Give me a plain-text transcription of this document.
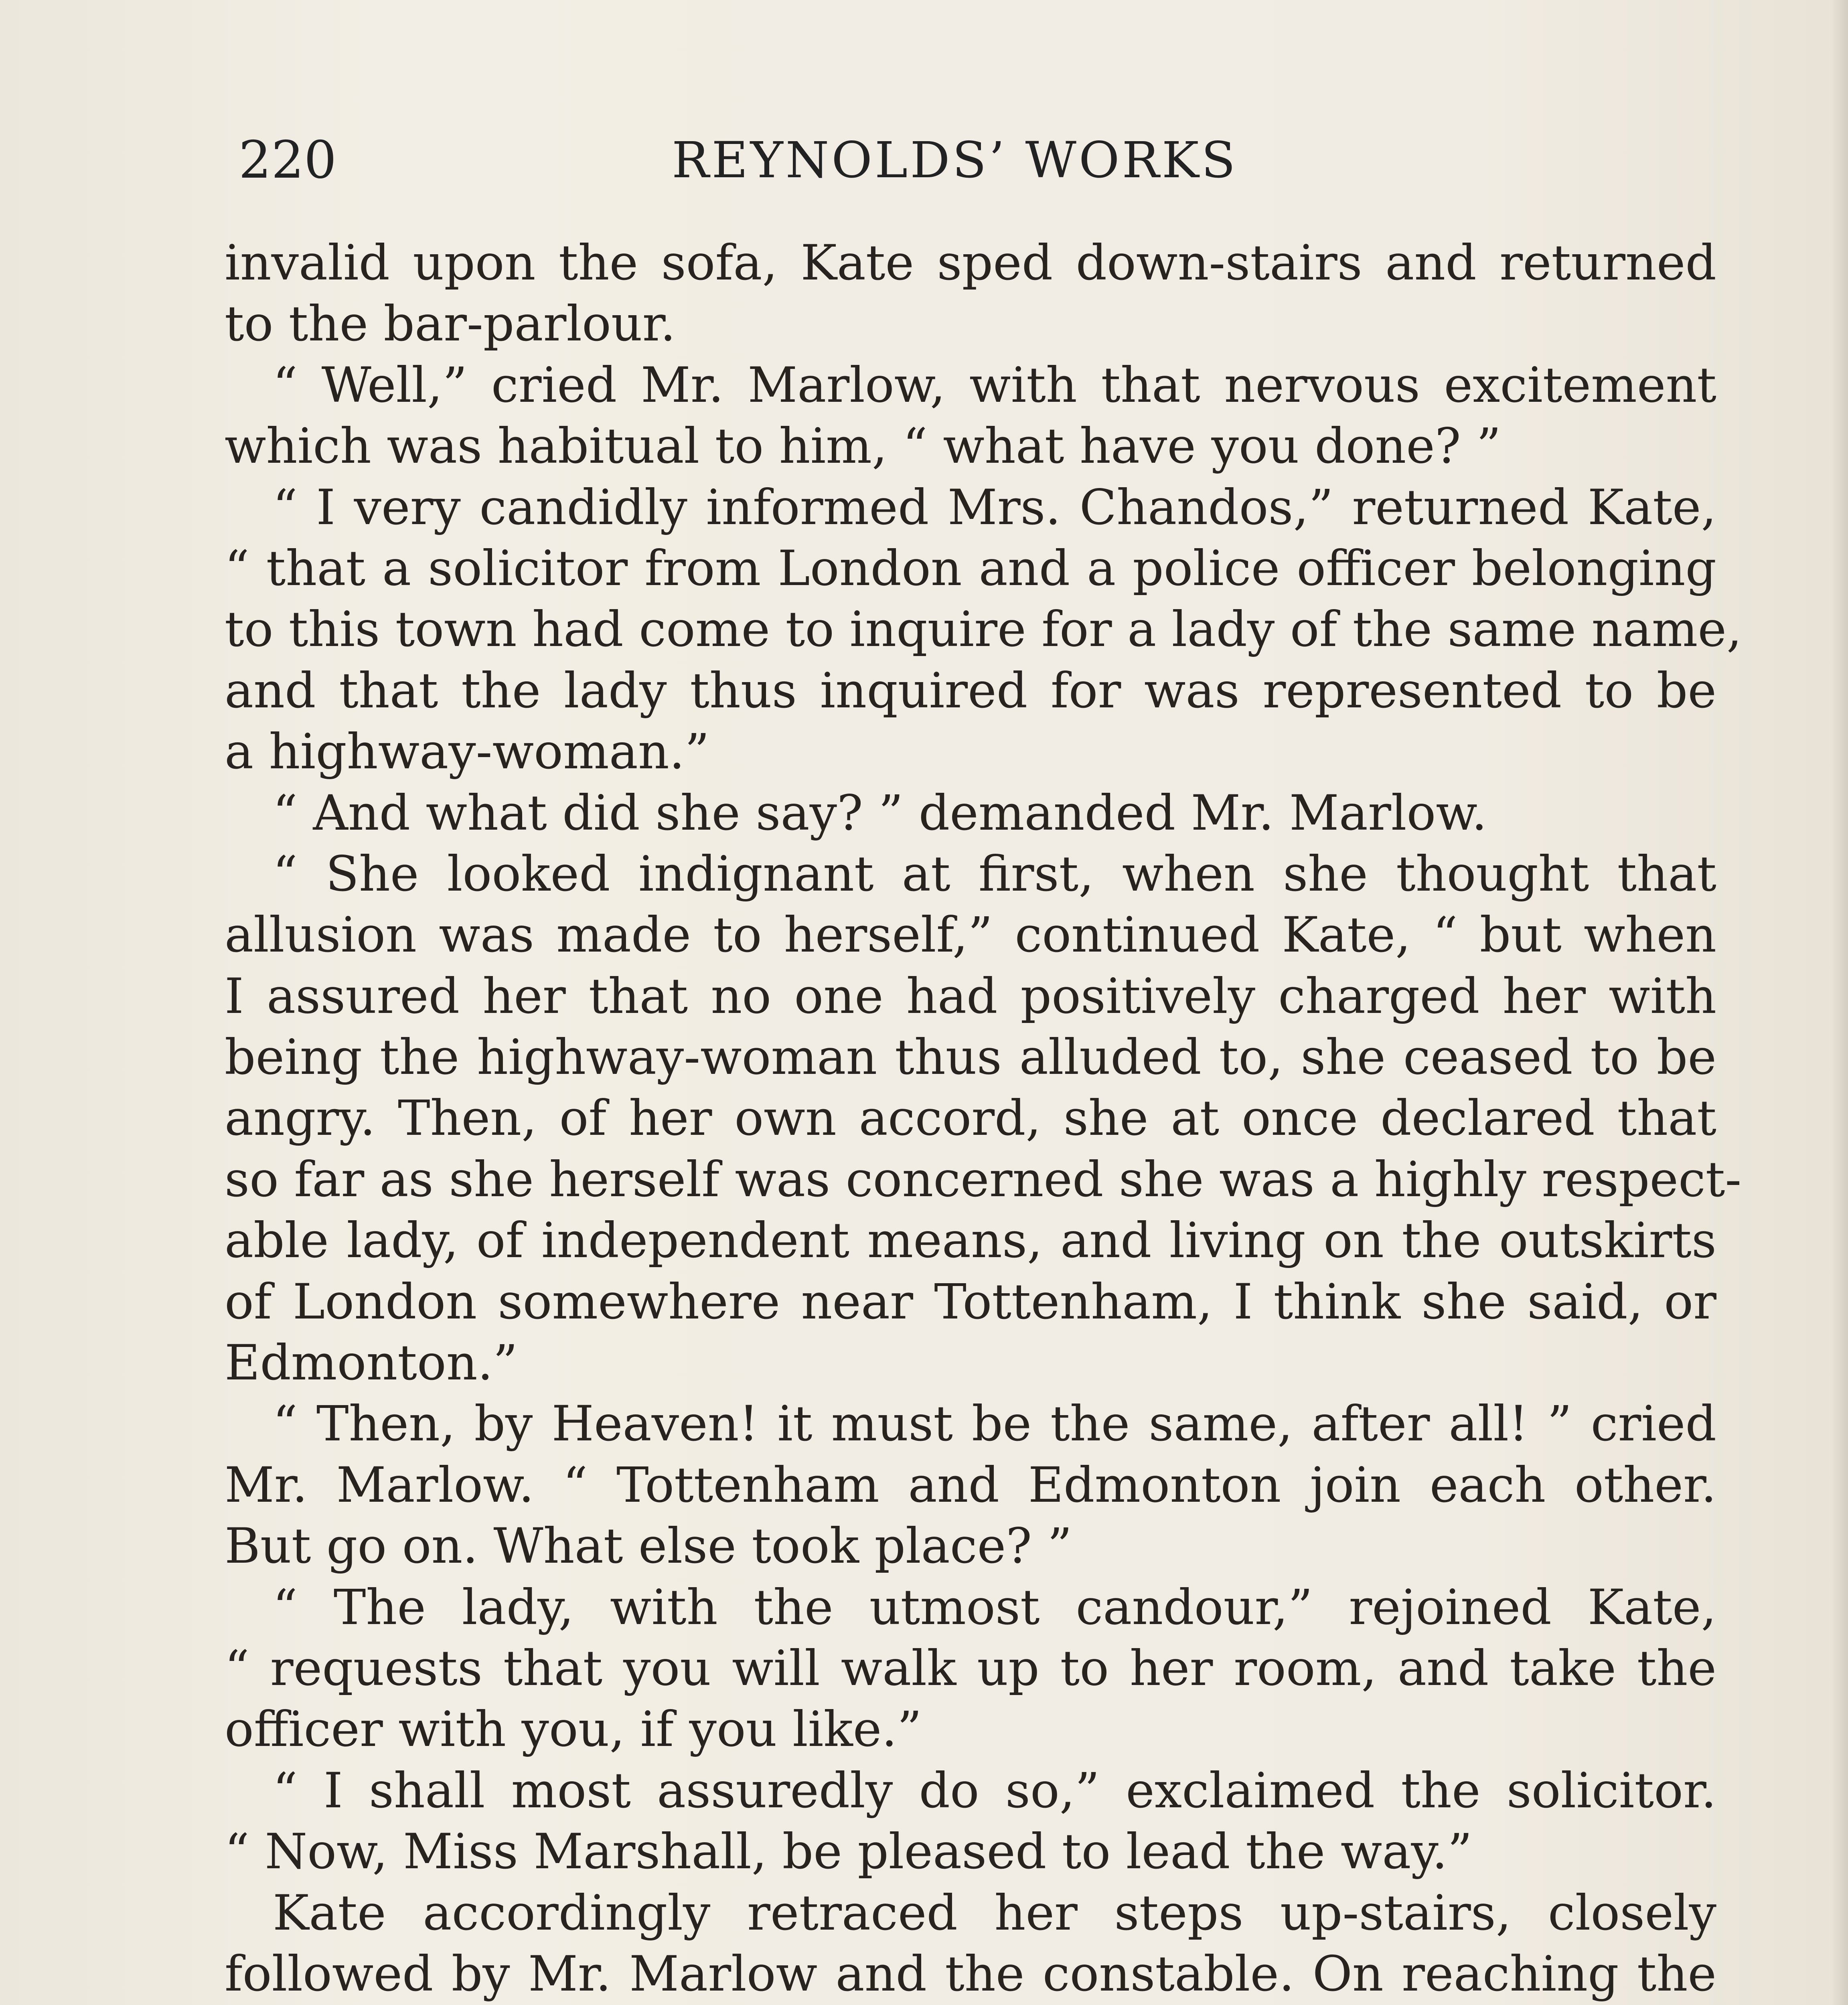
220	REYNOLDS’ WORKS
invalid upon the sofa, Kate sped down-stairs and returned
to the bar-parlour.
“ Well,” cried Mr. Marlow, with that nervous excitement
which was habitual to him, “ what have you done? ”
“ I very candidly informed Mrs. Chandos,” returned Kate,
“ that a solicitor from London and a police officer belonging
to this town had come to inquire for a lady of the same name,
and that the lady thus inquired for was represented to be
a highway-woman.”
“ And what did she say? ” demanded Mr. Marlow.
“ She looked indignant at first, when she thought that
allusion was made to herself,” continued Kate, “ but when
I assured her that no one had positively charged her with
being the highway-woman thus alluded to, she ceased to be
angry. Then, of her own accord, she at once declared that
so far as she herself was concerned she was a highly respect-
able lady, of independent means, and living on the outskirts
of London somewhere near Tottenham, I think she said, or
Edmonton.”
“ Then, by Heaven! it must be the same, after all! ” cried
Mr. Marlow. “ Tottenham and Edmonton join each other.
But go on. What else took place? ”
“ The lady, with the utmost candour,” rejoined Kate,
“ requests that you will walk up to her room, and take the
officer with you, if you like.”
“ I shall most assuredly do so,” exclaimed the solicitor.
“ Now, Miss Marshall, be pleased to lead the way.”
Kate accordingly retraced her steps up-stairs, closely
followed by Mr. Marlow and the constable. On reaching the
